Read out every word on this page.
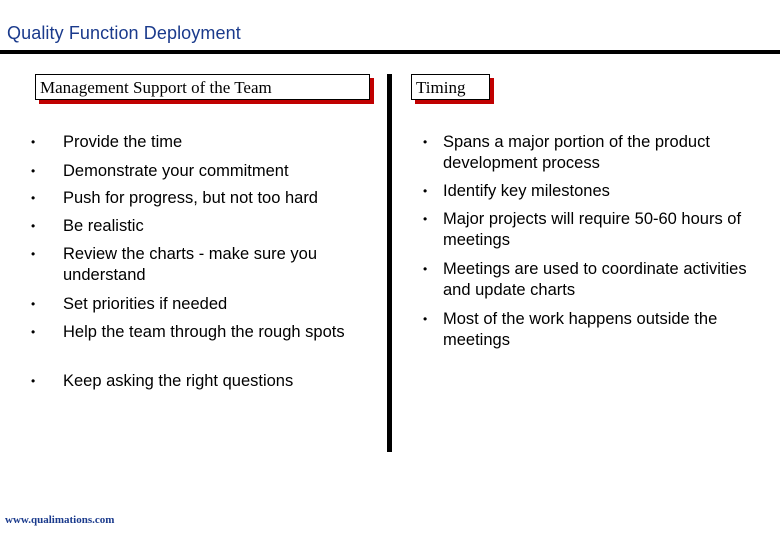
Quality Function Deployment
Management Support of the Team	Timing
• Provide the time
• Demonstrate your commitment
• Push for progress, but not too hard
• Be realistic
• Review the charts - make sure you understand
• Set priorities if needed
• Help the team through the rough spots
• Keep asking the right questions
• Spans a major portion of the product development process
• Identify key milestones
• Major projects will require 50-60 hours of meetings
• Meetings are used to coordinate activities and update charts
• Most of the work happens outside the meetings
www.qualimations.com
